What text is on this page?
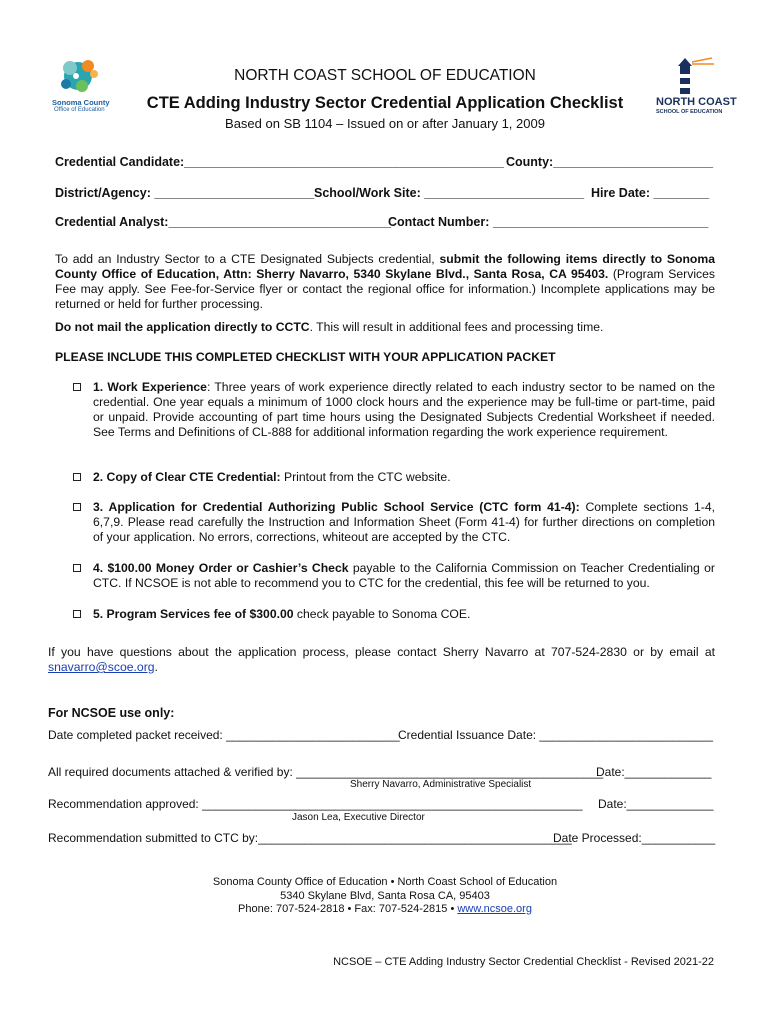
Sonoma County
Office of Education
NORTH COAST
SCHOOL OF EDUCATION
NORTH COAST SCHOOL OF EDUCATION
CTE Adding Industry Sector Credential Application Checklist
Based on SB 1104 – Issued on or after January 1, 2009
Credential Candidate:______________________________________________ County:_______________________
District/Agency: _______________________ School/Work Site: _______________________ Hire Date: ________
Credential Analyst:________________________________
Contact Number: _______________________________
To add an Industry Sector to a CTE Designated Subjects credential, submit the following items directly to Sonoma County Office of Education, Attn: Sherry Navarro, 5340 Skylane Blvd., Santa Rosa, CA 95403. (Program Services Fee may apply. See Fee-for-Service flyer or contact the regional office for information.) Incomplete applications may be returned or held for further processing.
Do not mail the application directly to CCTC. This will result in additional fees and processing time.
PLEASE INCLUDE THIS COMPLETED CHECKLIST WITH YOUR APPLICATION PACKET
1. Work Experience: Three years of work experience directly related to each industry sector to be named on the credential. One year equals a minimum of 1000 clock hours and the experience may be full-time or part-time, paid or unpaid. Provide accounting of part time hours using the Designated Subjects Credential Worksheet if needed. See Terms and Definitions of CL-888 for additional information regarding the work experience requirement.
2. Copy of Clear CTE Credential: Printout from the CTC website.
3. Application for Credential Authorizing Public School Service (CTC form 41-4): Complete sections 1-4, 6,7,9. Please read carefully the Instruction and Information Sheet (Form 41-4) for further directions on completion of your application. No errors, corrections, whiteout are accepted by the CTC.
4. $100.00 Money Order or Cashier’s Check payable to the California Commission on Teacher Credentialing or CTC. If NCSOE is not able to recommend you to CTC for the credential, this fee will be returned to you.
5. Program Services fee of $300.00 check payable to Sonoma COE.
If you have questions about the application process, please contact Sherry Navarro at 707-524-2830 or by email at snavarro@scoe.org.
For NCSOE use only:
Date completed packet received: __________________________
Credential Issuance Date: __________________________
All required documents attached & verified by: ______________________________________________
Date:_____________
Sherry Navarro, Administrative Specialist
Recommendation approved: _________________________________________________________ Date:_____________
Jason Lea, Executive Director
Recommendation submitted to CTC by:_______________________________________________
Date Processed:___________
Sonoma County Office of Education • North Coast School of Education
5340 Skylane Blvd, Santa Rosa CA, 95403
Phone: 707-524-2818 • Fax: 707-524-2815 • www.ncsoe.org
NCSOE – CTE Adding Industry Sector Credential Checklist - Revised 2021-22
